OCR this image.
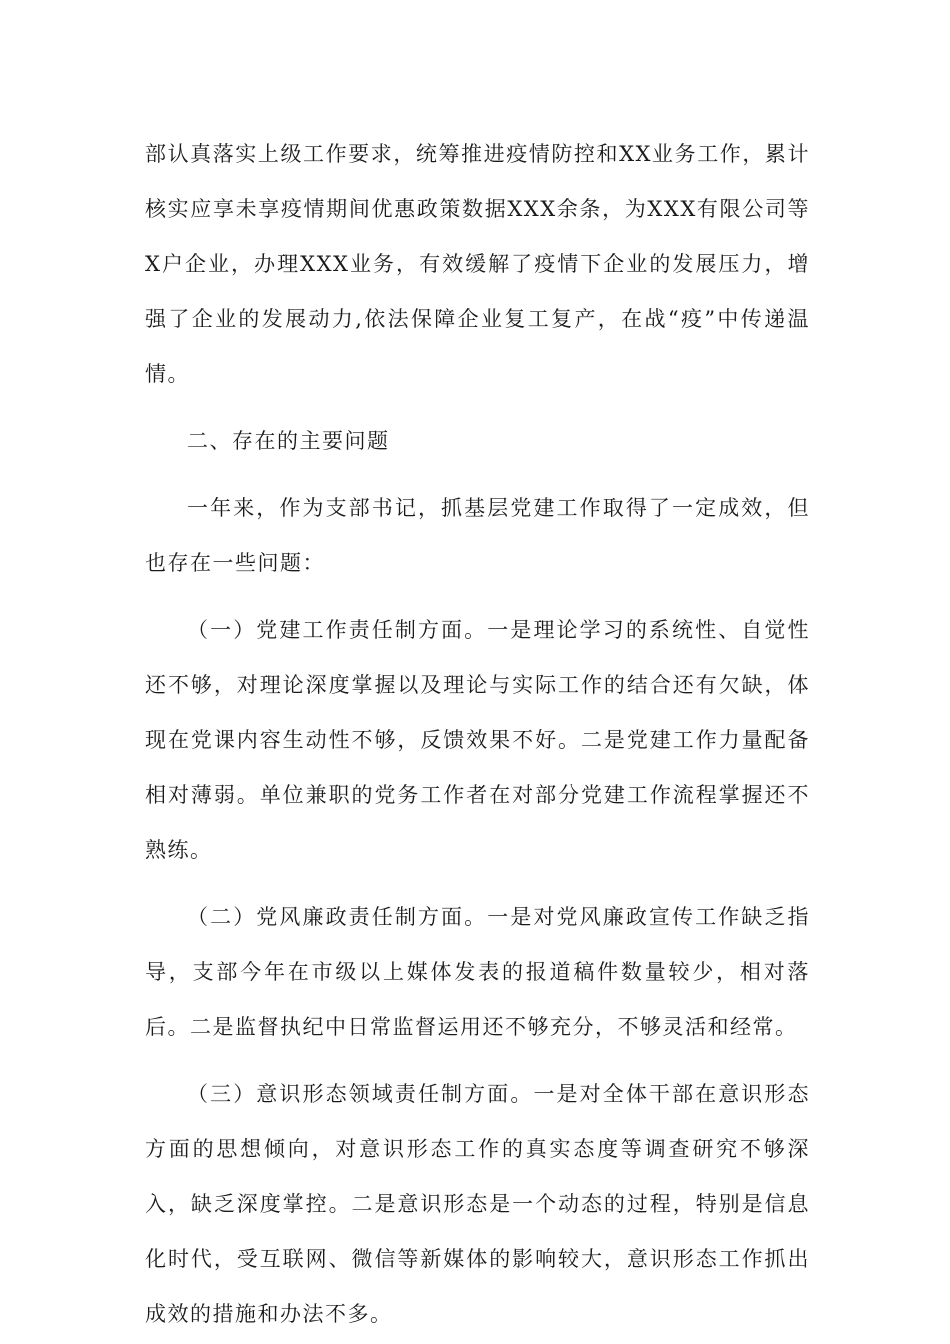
部认真落实上级工作要求，统筹推进疫情防控和XX业务工作，累计核实应享未享疫情期间优惠政策数据XXX余条，为XXX有限公司等X户企业，办理XXX业务，有效缓解了疫情下企业的发展压力，增强了企业的发展动力,依法保障企业复工复产，在战“疫”中传递温情。

二、存在的主要问题

一年来，作为支部书记，抓基层党建工作取得了一定成效，但也存在一些问题：

（一）党建工作责任制方面。一是理论学习的系统性、自觉性还不够，对理论深度掌握以及理论与实际工作的结合还有欠缺，体现在党课内容生动性不够，反馈效果不好。二是党建工作力量配备相对薄弱。单位兼职的党务工作者在对部分党建工作流程掌握还不熟练。

（二）党风廉政责任制方面。一是对党风廉政宣传工作缺乏指导，支部今年在市级以上媒体发表的报道稿件数量较少，相对落后。二是监督执纪中日常监督运用还不够充分，不够灵活和经常。

（三）意识形态领域责任制方面。一是对全体干部在意识形态方面的思想倾向，对意识形态工作的真实态度等调查研究不够深入，缺乏深度掌控。二是意识形态是一个动态的过程，特别是信息化时代，受互联网、微信等新媒体的影响较大，意识形态工作抓出成效的措施和办法不多。
